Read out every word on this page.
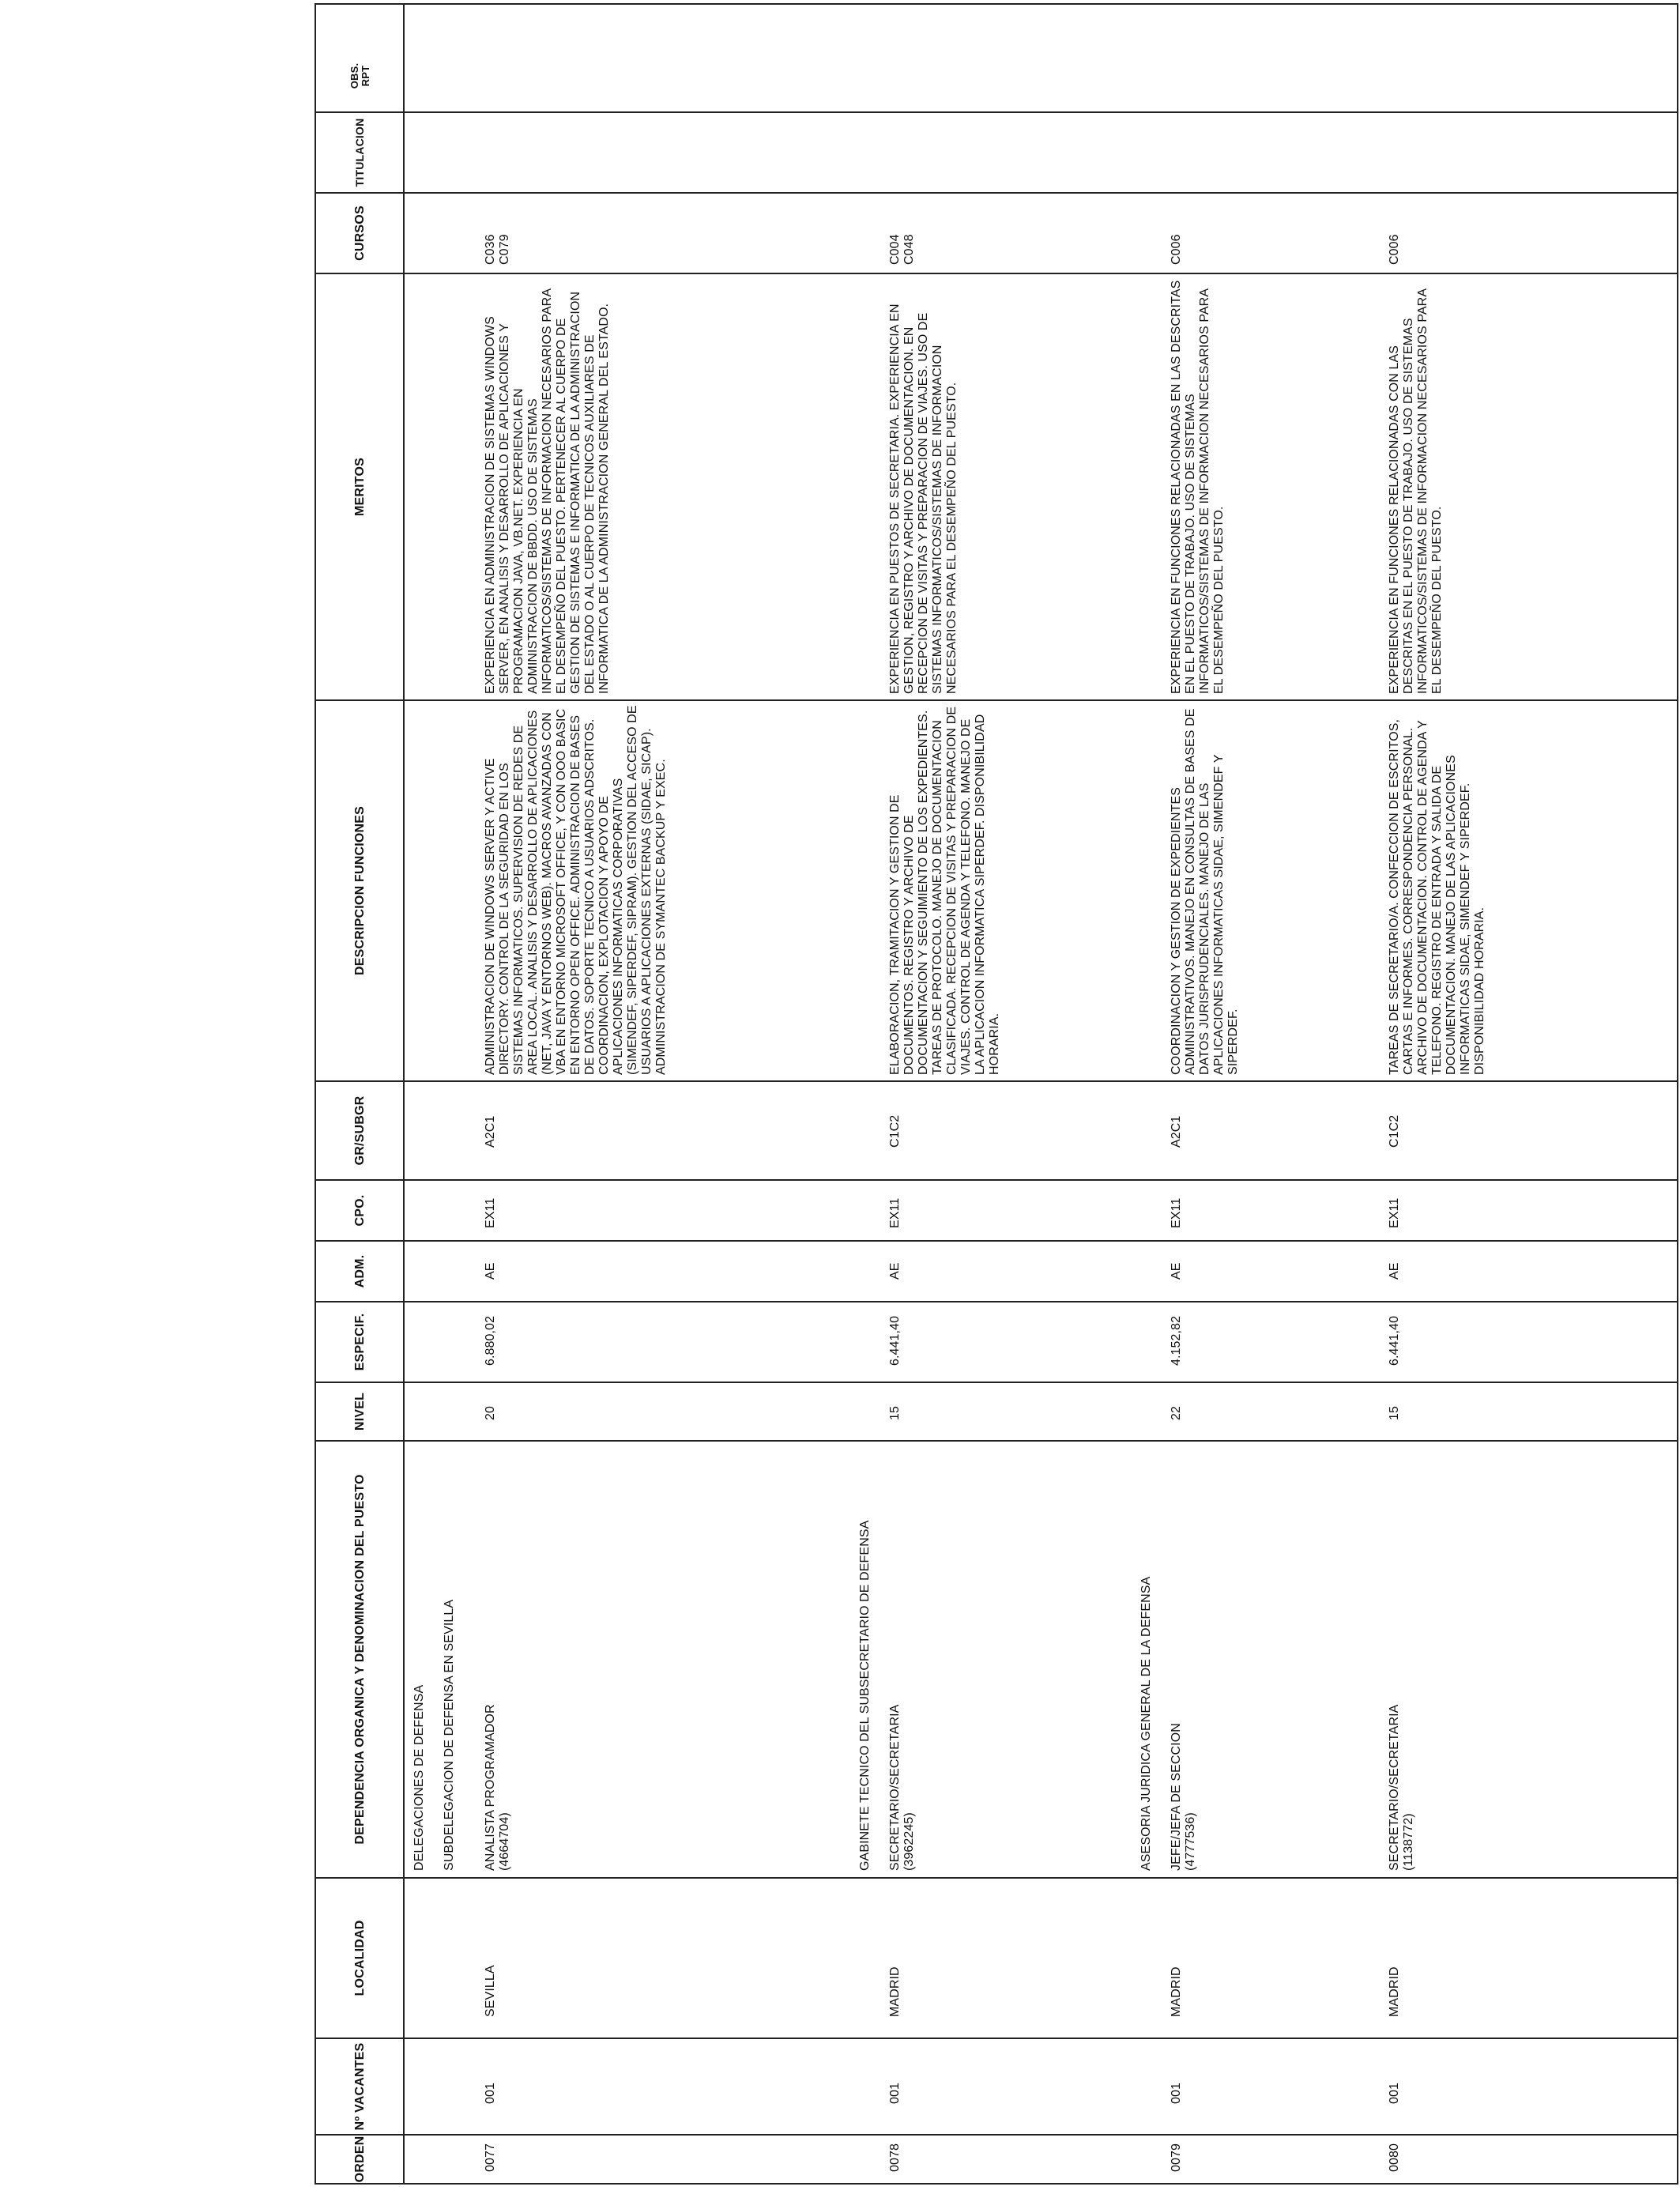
ORDEN
Nº VACANTES
LOCALIDAD
DEPENDENCIA ORGANICA Y DENOMINACION DEL PUESTO
NIVEL
ESPECIF.
ADM.
CPO.
GR/SUBGR
DESCRIPCION FUNCIONES
MERITOS
CURSOS
TITULACION
OBS. RPT
DELEGACIONES DE DEFENSA SUBDELEGACION DE DEFENSA EN SEVILLA
0077
001
SEVILLA
ANALISTA PROGRAMADOR (4664704)
20
6.880,02
AE
EX11
A2C1
ADMINISTRACION DE WINDOWS SERVER Y ACTIVE DIRECTORY. CONTROL DE LA SEGURIDAD EN LOS SISTEMAS INFORMATICOS. SUPERVISION DE REDES DE AREA LOCAL. ANALISIS Y DESARROLLO DE APLICACIONES (NET, JAVA Y ENTORNOS WEB). MACROS AVANZADAS CON VBA EN ENTORNO MICROSOFT OFFICE, Y CON OOO BASIC EN ENTORNO OPEN OFFICE. ADMINISTRACION DE BASES DE DATOS. SOPORTE TECNICO A USUARIOS ADSCRITOS. COORDINACION, EXPLOTACION Y APOYO DE APLICACIONES INFORMATICAS CORPORATIVAS (SIMENDEF, SIPERDEF, SIPRAM). GESTION DEL ACCESO DE USUARIOS A APLICACIONES EXTERNAS (SIDAE, SICAP). ADMINISTRACION DE SYMANTEC BACKUP Y EXEC.
EXPERIENCIA EN ADMINISTRACION DE SISTEMAS WINDOWS SERVER, EN ANALISIS Y DESARROLLO DE APLICACIONES Y PROGRAMACION JAVA, VB.NET. EXPERIENCIA EN ADMINISTRACION DE BBDD. USO DE SISTEMAS INFORMATICOS/SISTEMAS DE INFORMACION NECESARIOS PARA EL DESEMPEÑO DEL PUESTO. PERTENECER AL CUERPO DE GESTION DE SISTEMAS E INFORMATICA DE LA ADMINISTRACION DEL ESTADO O AL CUERPO DE TECNICOS AUXILIARES DE INFORMATICA DE LA ADMINISTRACION GENERAL DEL ESTADO.
C036 C079
GABINETE TECNICO DEL SUBSECRETARIO DE DEFENSA
0078
001
MADRID
SECRETARIO/SECRETARIA (3962245)
15
6.441,40
AE
EX11
C1C2
ELABORACION, TRAMITACION Y GESTION DE DOCUMENTOS. REGISTRO Y ARCHIVO DE DOCUMENTACION Y SEGUIMIENTO DE LOS EXPEDIENTES. TAREAS DE PROTOCOLO. MANEJO DE DOCUMENTACION CLASIFICADA. RECEPCION DE VISITAS Y PREPARACION DE VIAJES. CONTROL DE AGENDA Y TELEFONO. MANEJO DE LA APLICACION INFORMATICA SIPERDEF. DISPONIBILIDAD HORARIA.
EXPERIENCIA EN PUESTOS DE SECRETARIA. EXPERIENCIA EN GESTION, REGISTRO Y ARCHIVO DE DOCUMENTACION. EN RECEPCION DE VISITAS Y PREPARACION DE VIAJES. USO DE SISTEMAS INFORMATICOS/SISTEMAS DE INFORMACION NECESARIOS PARA EL DESEMPEÑO DEL PUESTO.
C004 C048
ASESORIA JURIDICA GENERAL DE LA DEFENSA
0079
001
MADRID
JEFE/JEFA DE SECCION (4777536)
22
4.152,82
AE
EX11
A2C1
COORDINACION Y GESTION DE EXPEDIENTES ADMINISTRATIVOS. MANEJO EN CONSULTAS DE BASES DE DATOS JURISPRUDENCIALES. MANEJO DE LAS APLICACIONES INFORMATICAS SIDAE, SIMENDEF Y SIPERDEF.
EXPERIENCIA EN FUNCIONES RELACIONADAS EN LAS DESCRITAS EN EL PUESTO DE TRABAJO. USO DE SISTEMAS INFORMATICOS/SISTEMAS DE INFORMACION NECESARIOS PARA EL DESEMPEÑO DEL PUESTO.
C006
0080
001
MADRID
SECRETARIO/SECRETARIA (1138772)
15
6.441,40
AE
EX11
C1C2
TAREAS DE SECRETARIO/A. CONFECCION DE ESCRITOS, CARTAS E INFORMES. CORRESPONDENCIA PERSONAL. ARCHIVO DE DOCUMENTACION. CONTROL DE AGENDA Y TELEFONO. REGISTRO DE ENTRADA Y SALIDA DE DOCUMENTACION. MANEJO DE LAS APLICACIONES INFORMATICAS SIDAE, SIMENDEF Y SIPERDEF. DISPONIBILIDAD HORARIA.
EXPERIENCIA EN FUNCIONES RELACIONADAS CON LAS DESCRITAS EN EL PUESTO DE TRABAJO. USO DE SISTEMAS INFORMATICOS/SISTEMAS DE INFORMACION NECESARIOS PARA EL DESEMPEÑO DEL PUESTO.
C006
